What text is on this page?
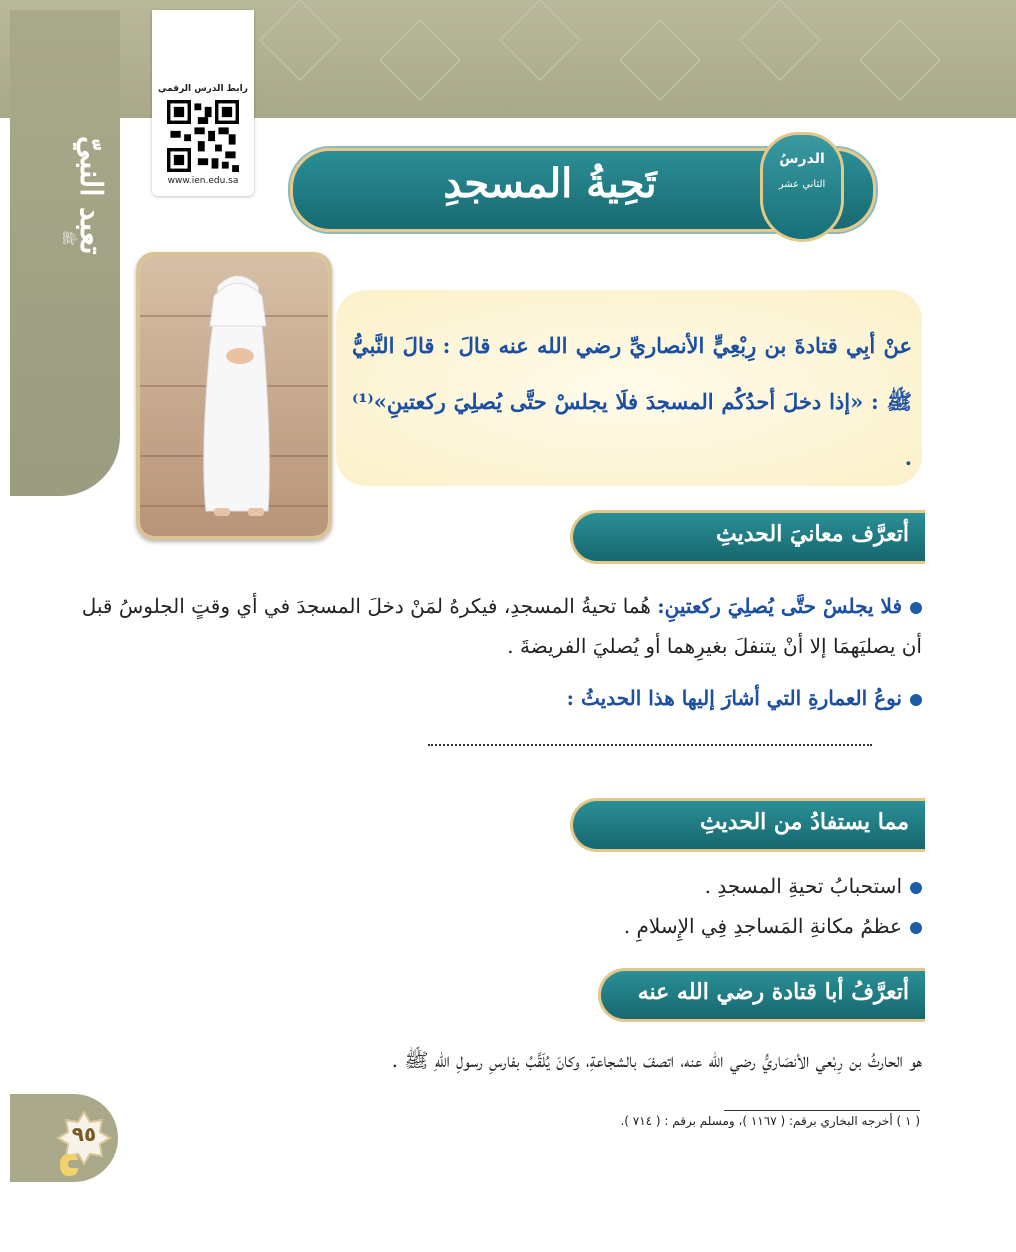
تعبد النبيّ
ﷺ
رابط الدرس الرقمي
www.ien.edu.sa	تَحِيةُ المسجدِ
الدرسُ
الثاني عشر
عنْ أبِي قتادةَ بن رِبْعِيٍّ الأنصاريِّ رضي الله عنه قالَ : قالَ النَّبيُّ ﷺ : «إذا دخلَ أحدُكُم المسجدَ فلَا يجلسْ حتَّى يُصلِيَ ركعتينِ»⁽¹⁾ .
أتعرَّف معانيَ الحديثِ
فلا يجلسْ حتَّى يُصلِيَ ركعتينِ: هُما تحيةُ المسجدِ، فيكرهُ لمَنْ دخلَ المسجدَ في أي وقتٍ الجلوسُ قبل أن يصليَهمَا إلا أنْ يتنفلَ بغيرِهما أو يُصليَ الفريضةَ .
نوعُ العمارةِ التي أشارَ إليها هذا الحديثُ :
مما يستفادُ من الحديثِ
استحبابُ تحيةِ المسجدِ .
عظمُ مكانةِ المَساجدِ فِي الإِسلامِ .
أتعرَّفُ أبا قتادة رضي الله عنه
هو الحارثُ بن رِبْعي الأنصَاريُّ رضي الله عنه، اتصفَ بالشجاعةِ، وكانَ يُلَقَّبُ بفارسِ رسولِ اللهِ ﷺ .
( ١ ) أخرجه البخاري برقم: ( ١١٦٧ )، ومسلم برقم : ( ٧١٤ ).
٩٥
